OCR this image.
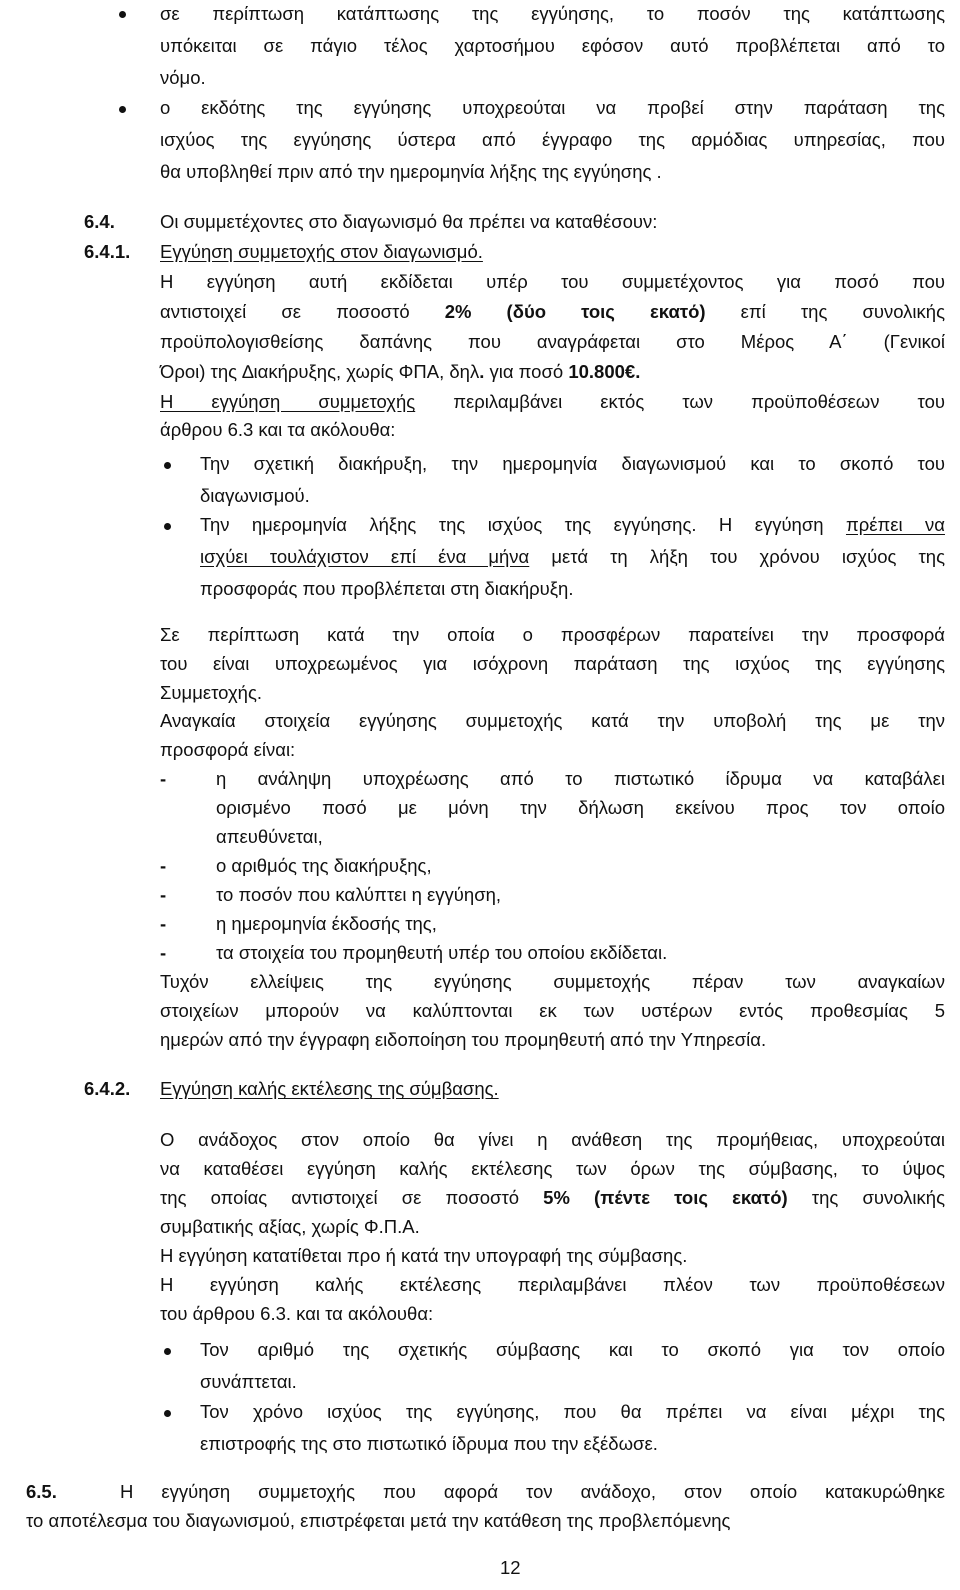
σε περίπτωση κατάπτωσης της εγγύησης, το ποσόν της κατάπτωσης
υπόκειται σε πάγιο τέλος χαρτοσήμου εφόσον αυτό προβλέπεται από το
νόμο.
ο εκδότης της εγγύησης υποχρεούται να προβεί στην παράταση της
ισχύος της εγγύησης ύστερα από έγγραφο της αρμόδιας υπηρεσίας, που
θα υποβληθεί πριν από την ημερομηνία λήξης της εγγύησης .
6.4. Οι συμμετέχοντες στο διαγωνισμό θα πρέπει να καταθέσουν:
6.4.1. Εγγύηση συμμετοχής στον διαγωνισμό.
Η εγγύηση αυτή εκδίδεται υπέρ του συμμετέχοντος για ποσό που
αντιστοιχεί σε ποσοστό 2% (δύο τοις εκατό) επί της συνολικής
προϋπολογισθείσης δαπάνης που αναγράφεται στο Μέρος Α΄ (Γενικοί
Όροι) της ∆ιακήρυξης, χωρίς ΦΠΑ, δηλ. για ποσό 10.800€.
Η εγγύηση συμμετοχής περιλαμβάνει εκτός των προϋποθέσεων του
άρθρου 6.3 και τα ακόλουθα:
Την σχετική διακήρυξη, την ημερομηνία διαγωνισμού και το σκοπό του
διαγωνισμού.
Την ημερομηνία λήξης της ισχύος της εγγύησης. Η εγγύηση πρέπει να
ισχύει τουλάχιστον επί ένα μήνα μετά τη λήξη του χρόνου ισχύος της
προσφοράς που προβλέπεται στη διακήρυξη.
Σε περίπτωση κατά την οποία ο προσφέρων παρατείνει την προσφορά
του είναι υποχρεωμένος για ισόχρονη παράταση της ισχύος της εγγύησης
Συμμετοχής.
Αναγκαία στοιχεία εγγύησης συμμετοχής κατά την υποβολή της με την
προσφορά είναι:
-	η ανάληψη υποχρέωσης από το πιστωτικό ίδρυμα να καταβάλει
ορισμένο ποσό με μόνη την δήλωση εκείνου προς τον οποίο
απευθύνεται,
-	ο αριθμός της διακήρυξης,
-	το ποσόν που καλύπτει η εγγύηση,
-	η ημερομηνία έκδοσής της,
-	τα στοιχεία του προμηθευτή υπέρ του οποίου εκδίδεται.
Τυχόν ελλείψεις της εγγύησης συμμετοχής πέραν των αναγκαίων
στοιχείων μπορούν να καλύπτονται εκ των υστέρων εντός προθεσμίας 5
ημερών από την έγγραφη ειδοποίηση του προμηθευτή από την Υπηρεσία.
6.4.2. Εγγύηση καλής εκτέλεσης της σύμβασης.
Ο ανάδοχος στον οποίο θα γίνει η ανάθεση της προμήθειας, υποχρεούται
να καταθέσει εγγύηση καλής εκτέλεσης των όρων της σύμβασης, το ύψος
της οποίας αντιστοιχεί σε ποσοστό 5% (πέντε τοις εκατό) της συνολικής
συμβατικής αξίας, χωρίς Φ.Π.Α.
Η εγγύηση κατατίθεται προ ή κατά την υπογραφή της σύμβασης.
Η εγγύηση καλής εκτέλεσης περιλαμβάνει πλέον των προϋποθέσεων
του άρθρου 6.3. και τα ακόλουθα:
Τον αριθμό της σχετικής σύμβασης και το σκοπό για τον οποίο
συνάπτεται.
Τον χρόνο ισχύος της εγγύησης, που θα πρέπει να είναι μέχρι της
επιστροφής της στο πιστωτικό ίδρυμα που την εξέδωσε.
6.5.	Η εγγύηση συμμετοχής που αφορά τον ανάδοχο, στον οποίο κατακυρώθηκε
το αποτέλεσμα του διαγωνισμού, επιστρέφεται μετά την κατάθεση της προβλεπόμενης
12
